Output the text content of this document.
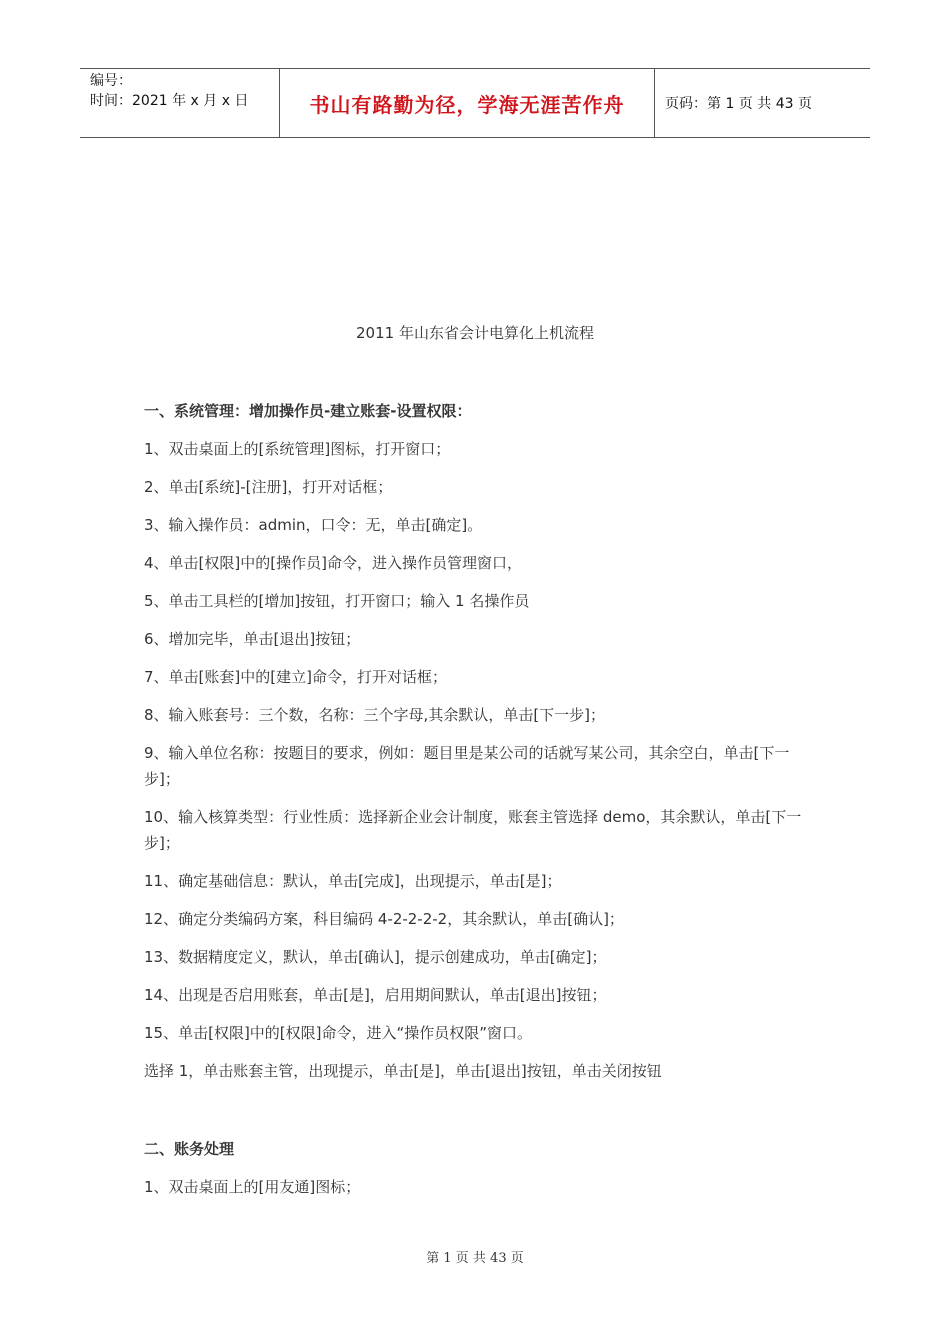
编号：
时间：2021 年 x 月 x 日	书山有路勤为径，学海无涯苦作舟	页码：第 1 页 共 43 页
2011 年山东省会计电算化上机流程
一、系统管理：增加操作员-建立账套-设置权限：
1、双击桌面上的[系统管理]图标，打开窗口；
2、单击[系统]-[注册]，打开对话框；
3、输入操作员：admin，口令：无，单击[确定]。
4、单击[权限]中的[操作员]命令，进入操作员管理窗口，
5、单击工具栏的[增加]按钮，打开窗口；输入 1 名操作员
6、增加完毕，单击[退出]按钮；
7、单击[账套]中的[建立]命令，打开对话框；
8、输入账套号：三个数，名称：三个字母,其余默认，单击[下一步]；
9、输入单位名称：按题目的要求，例如：题目里是某公司的话就写某公司，其余空白，单击[下一步]；
10、输入核算类型：行业性质：选择新企业会计制度，账套主管选择 demo，其余默认，单击[下一步]；
11、确定基础信息：默认，单击[完成]，出现提示，单击[是]；
12、确定分类编码方案，科目编码 4-2-2-2-2，其余默认，单击[确认]；
13、数据精度定义，默认，单击[确认]，提示创建成功，单击[确定]；
14、出现是否启用账套，单击[是]，启用期间默认，单击[退出]按钮；
15、单击[权限]中的[权限]命令，进入“操作员权限”窗口。
选择 1，单击账套主管，出现提示，单击[是]，单击[退出]按钮，单击关闭按钮
二、账务处理
1、双击桌面上的[用友通]图标；
第 1 页 共 43 页
